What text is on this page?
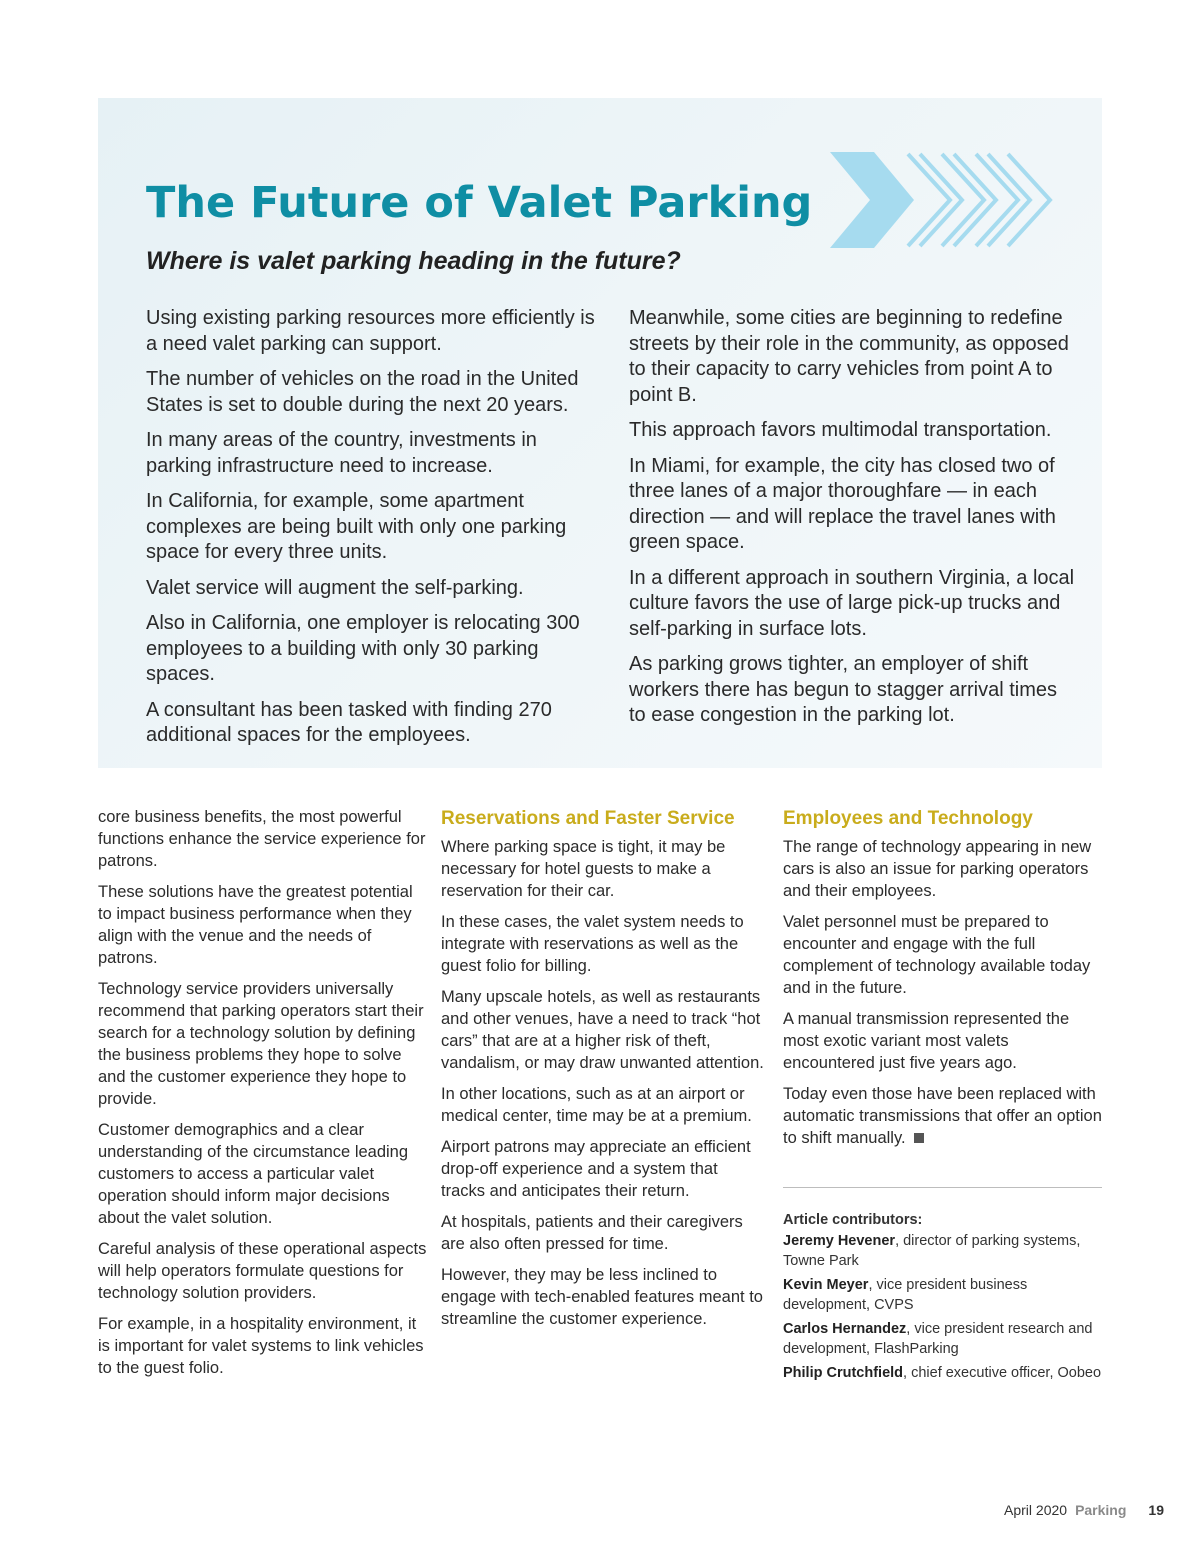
The Future of Valet Parking
Where is valet parking heading in the future?

Using existing parking resources more efficiently is a need valet parking can support.

The number of vehicles on the road in the United States is set to double during the next 20 years.

In many areas of the country, investments in parking infrastructure need to increase.

In California, for example, some apartment complexes are being built with only one parking space for every three units.

Valet service will augment the self-parking.

Also in California, one employer is relocating 300 employees to a building with only 30 parking spaces.

A consultant has been tasked with finding 270 additional spaces for the employees.

Meanwhile, some cities are beginning to redefine streets by their role in the community, as opposed to their capacity to carry vehicles from point A to point B.

This approach favors multimodal transportation.

In Miami, for example, the city has closed two of three lanes of a major thoroughfare — in each direction — and will replace the travel lanes with green space.

In a different approach in southern Virginia, a local culture favors the use of large pick-up trucks and self-parking in surface lots.

As parking grows tighter, an employer of shift workers there has begun to stagger arrival times to ease congestion in the parking lot.

core business benefits, the most powerful functions enhance the service experience for patrons.

These solutions have the greatest potential to impact business performance when they align with the venue and the needs of patrons.

Technology service providers universally recommend that parking operators start their search for a technology solution by defining the business problems they hope to solve and the customer experience they hope to provide.

Customer demographics and a clear understanding of the circumstance leading customers to access a particular valet operation should inform major decisions about the valet solution.

Careful analysis of these operational aspects will help operators formulate questions for technology solution providers.

For example, in a hospitality environment, it is important for valet systems to link vehicles to the guest folio.

Reservations and Faster Service

Where parking space is tight, it may be necessary for hotel guests to make a reservation for their car.

In these cases, the valet system needs to integrate with reservations as well as the guest folio for billing.

Many upscale hotels, as well as restaurants and other venues, have a need to track “hot cars” that are at a higher risk of theft, vandalism, or may draw unwanted attention.

In other locations, such as at an airport or medical center, time may be at a premium.

Airport patrons may appreciate an efficient drop-off experience and a system that tracks and anticipates their return.

At hospitals, patients and their caregivers are also often pressed for time.

However, they may be less inclined to engage with tech-enabled features meant to streamline the customer experience.

Employees and Technology

The range of technology appearing in new cars is also an issue for parking operators and their employees.

Valet personnel must be prepared to encounter and engage with the full complement of technology available today and in the future.

A manual transmission represented the most exotic variant most valets encountered just five years ago.

Today even those have been replaced with automatic transmissions that offer an option to shift manually.

Article contributors:

Jeremy Hevener, director of parking systems, Towne Park

Kevin Meyer, vice president business development, CVPS

Carlos Hernandez, vice president research and development, FlashParking

Philip Crutchfield, chief executive officer, Oobeo

April 2020 Parking 19
